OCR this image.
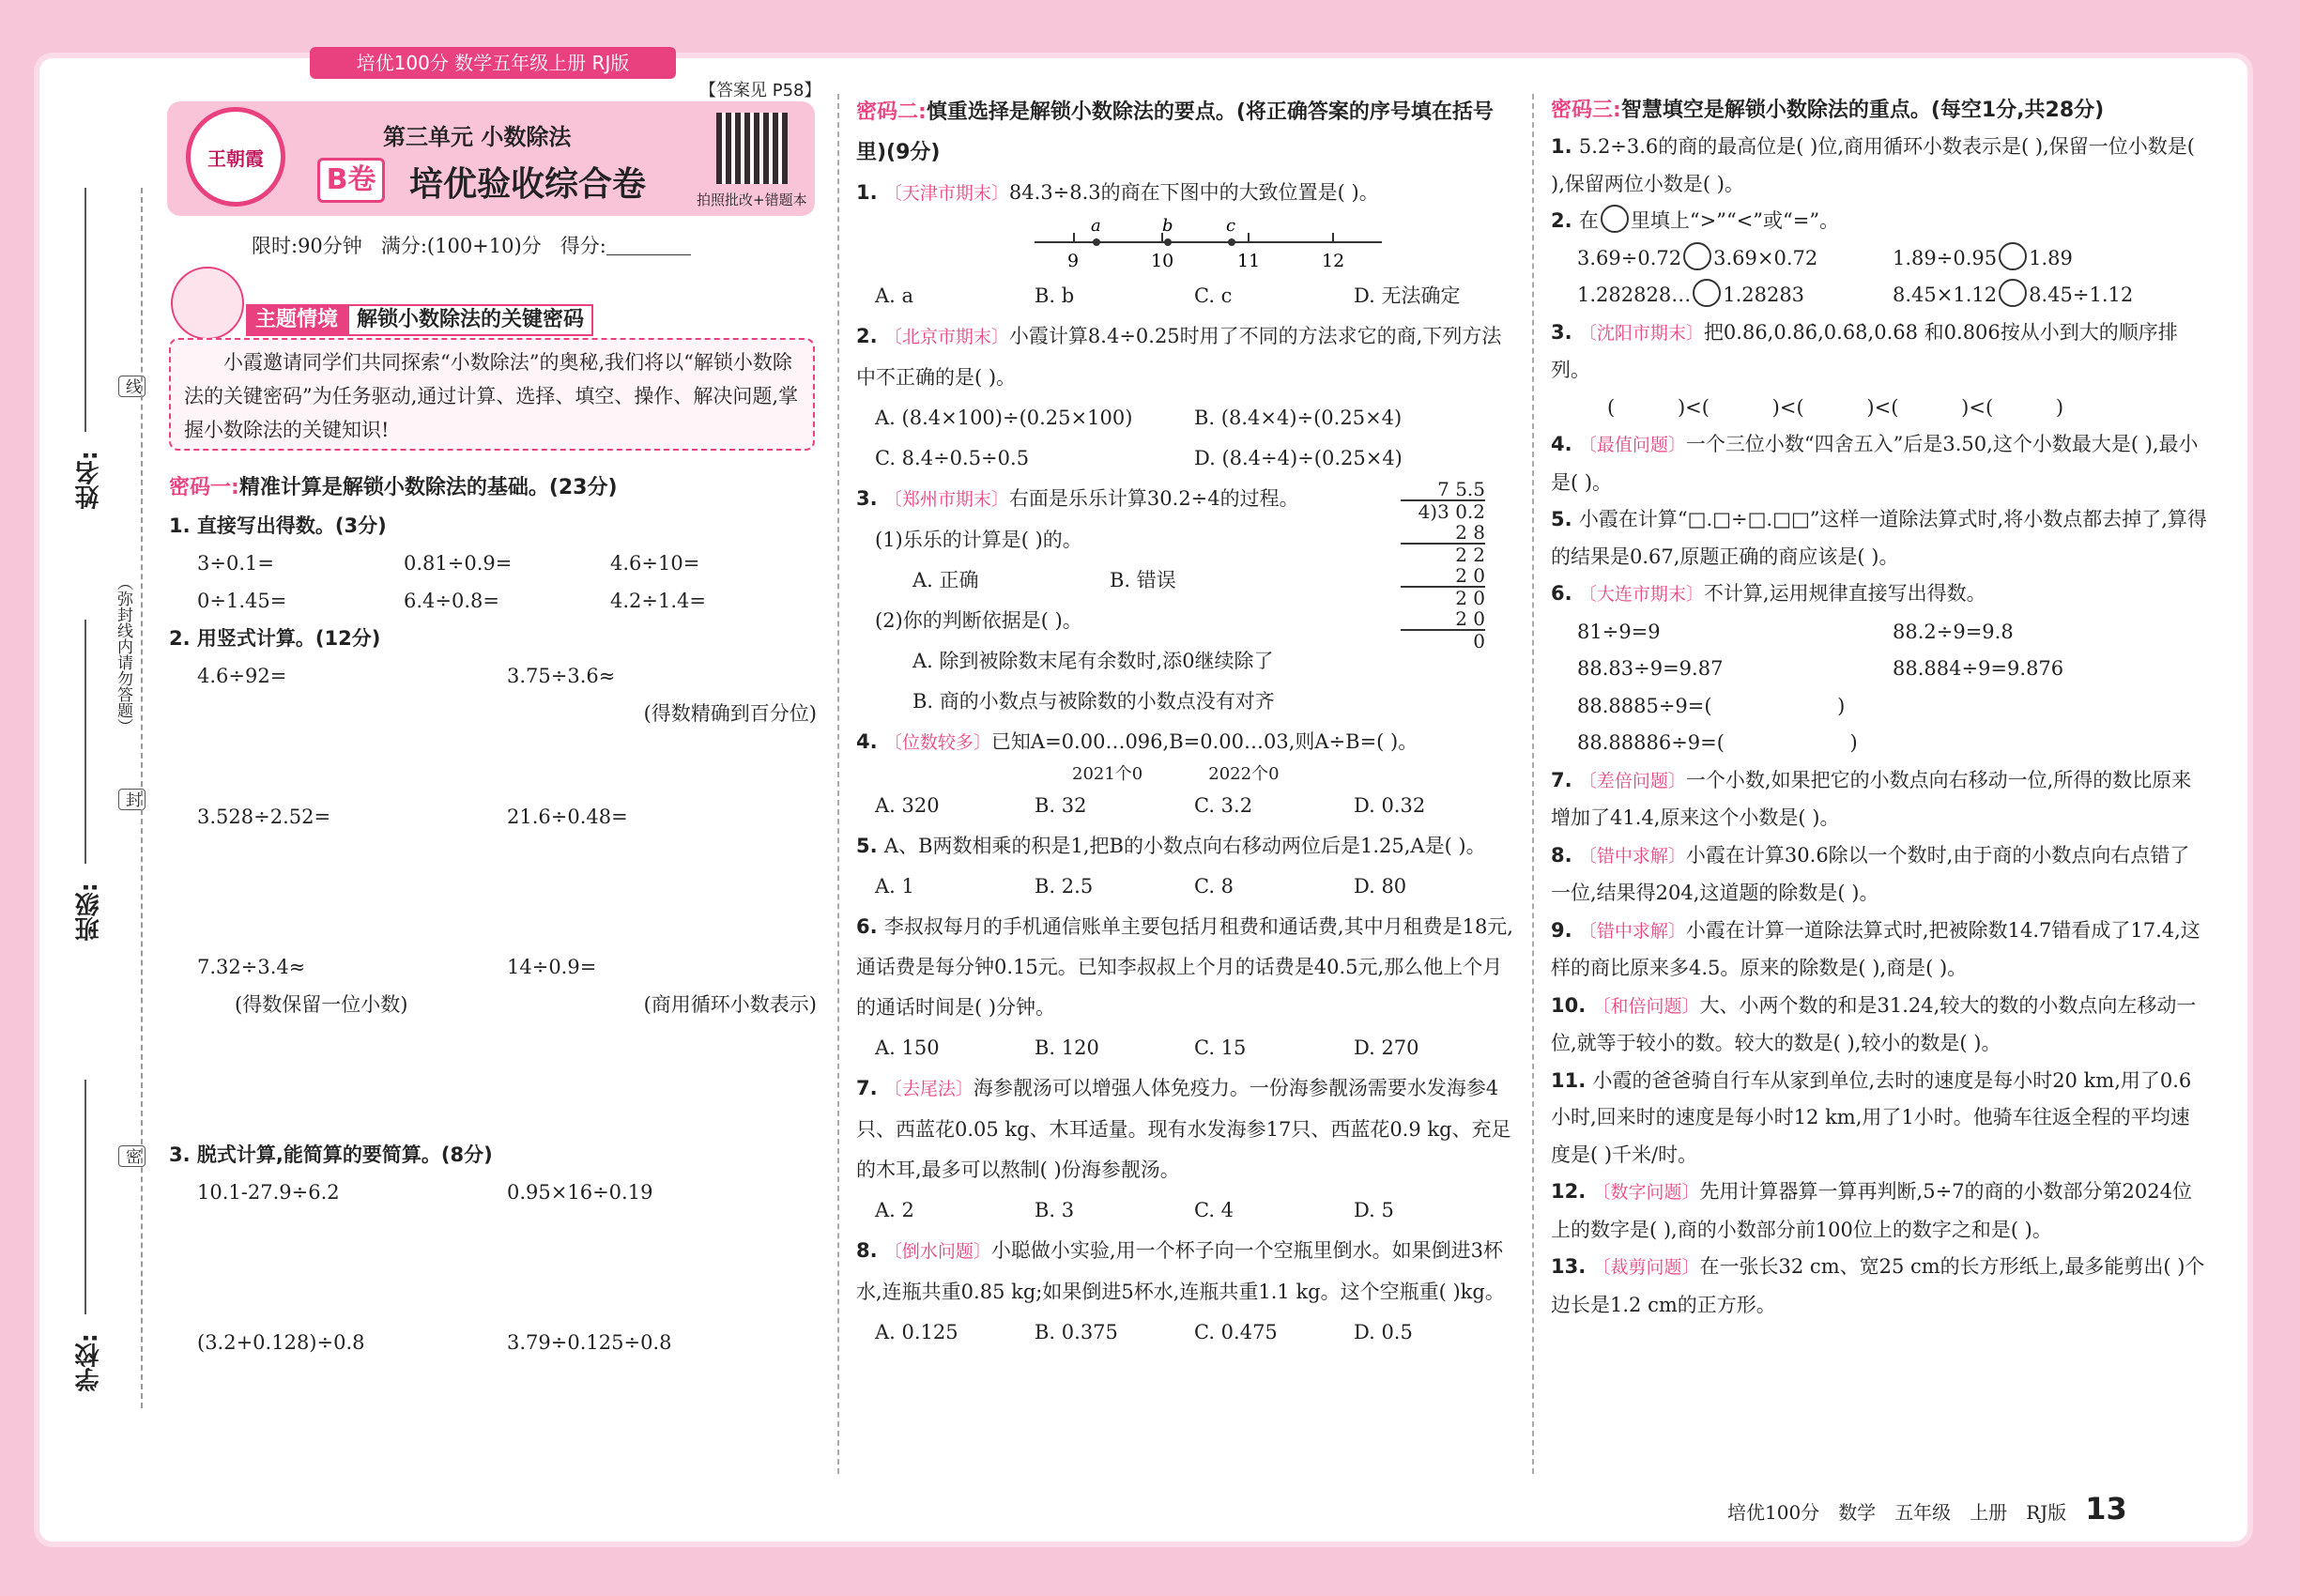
培优100分 数学五年级上册 RJ版
【答案见 P58】
王朝霞
第三单元 小数除法
B卷 培优验收综合卷	拍照批改+错题本
限时:90分钟 满分:(100+10)分 得分:
姓名:
线
（弥封线内请勿答题）
封
班级:
密
学校:
主题情境 解锁小数除法的关键密码
小霞邀请同学们共同探索“小数除法”的奥秘,我们将以“解锁小数除法的关键密码”为任务驱动,通过计算、选择、填空、操作、解决问题,掌握小数除法的关键知识!
密码一:精准计算是解锁小数除法的基础。(23分)
1. 直接写出得数。(3分)
3÷0.1=	0.81÷0.9=	4.6÷10=
0÷1.45=	6.4÷0.8=	4.2÷1.4=
2. 用竖式计算。(12分)
4.6÷92=	3.75÷3.6≈
(得数精确到百分位)
3.528÷2.52=	21.6÷0.48=
7.32÷3.4≈	14÷0.9=
(得数保留一位小数)	(商用循环小数表示)
3. 脱式计算,能简算的要简算。(8分)
10.1-27.9÷6.2	0.95×16÷0.19
(3.2+0.128)÷0.8	3.79÷0.125÷0.8
密码二:慎重选择是解锁小数除法的要点。(将正确答案的序号填在括号里)(9分)
1. 〔天津市期末〕84.3÷8.3的商在下图中的大致位置是( )。
a	b	c
9	10	11	12
A. a	B. b	C. c	D. 无法确定
2. 〔北京市期末〕小霞计算8.4÷0.25时用了不同的方法求它的商,下列方法中不正确的是( )。
A. (8.4×100)÷(0.25×100)	B. (8.4×4)÷(0.25×4)
C. 8.4÷0.5÷0.5	D. (8.4÷4)÷(0.25×4)
3. 〔郑州市期末〕右面是乐乐计算30.2÷4的过程。
(1)乐乐的计算是( )的。
A. 正确	B. 错误
(2)你的判断依据是( )。
A. 除到被除数末尾有余数时,添0继续除了
B. 商的小数点与被除数的小数点没有对齐
7 5.5
4)3 0.2
2 8
2 2
2 0
2 0
2 0
0
4. 〔位数较多〕已知A=0.00…096,B=0.00…03,则A÷B=( )。
2021个0	2022个0
A. 320	B. 32	C. 3.2	D. 0.32
5. A、B两数相乘的积是1,把B的小数点向右移动两位后是1.25,A是( )。
A. 1	B. 2.5	C. 8	D. 80
6. 李叔叔每月的手机通信账单主要包括月租费和通话费,其中月租费是18元,通话费是每分钟0.15元。已知李叔叔上个月的话费是40.5元,那么他上个月的通话时间是( )分钟。
A. 150	B. 120	C. 15	D. 270
7. 〔去尾法〕海参靓汤可以增强人体免疫力。一份海参靓汤需要水发海参4只、西蓝花0.05 kg、木耳适量。现有水发海参17只、西蓝花0.9 kg、充足的木耳,最多可以熬制( )份海参靓汤。
A. 2	B. 3	C. 4	D. 5
8. 〔倒水问题〕小聪做小实验,用一个杯子向一个空瓶里倒水。如果倒进3杯水,连瓶共重0.85 kg;如果倒进5杯水,连瓶共重1.1 kg。这个空瓶重( )kg。
A. 0.125	B. 0.375	C. 0.475	D. 0.5
密码三:智慧填空是解锁小数除法的重点。(每空1分,共28分)
1. 5.2÷3.6的商的最高位是( )位,商用循环小数表示是( ),保留一位小数是( ),保留两位小数是( )。
2. 在 里填上“>”“<”或“=”。
3.69÷0.72 3.69×0.72	1.89÷0.95 1.89
1.282828… 1.28283	8.45×1.12 8.45÷1.12
3. 〔沈阳市期末〕把0.86,0.8̇6̇,0.6̇8̇,0.6̇8 和0.806按从小到大的顺序排列。
(          )<(          )<(          )<(          )<(          )
4. 〔最值问题〕一个三位小数“四舍五入”后是3.50,这个小数最大是( ),最小是( )。
5. 小霞在计算“□.□÷□.□□”这样一道除法算式时,将小数点都去掉了,算得的结果是0.67,原题正确的商应该是( )。
6. 〔大连市期末〕不计算,运用规律直接写出得数。
81÷9=9	88.2÷9=9.8
88.83÷9=9.87	88.884÷9=9.876
88.8885÷9=(                    )
88.88886÷9=(                    )
7. 〔差倍问题〕一个小数,如果把它的小数点向右移动一位,所得的数比原来增加了41.4,原来这个小数是( )。
8. 〔错中求解〕小霞在计算30.6除以一个数时,由于商的小数点向右点错了一位,结果得204,这道题的除数是( )。
9. 〔错中求解〕小霞在计算一道除法算式时,把被除数14.7错看成了17.4,这样的商比原来多4.5。原来的除数是( ),商是( )。
10. 〔和倍问题〕大、小两个数的和是31.24,较大的数的小数点向左移动一位,就等于较小的数。较大的数是( ),较小的数是( )。
11. 小霞的爸爸骑自行车从家到单位,去时的速度是每小时20 km,用了0.6小时,回来时的速度是每小时12 km,用了1小时。他骑车往返全程的平均速度是( )千米/时。
12. 〔数字问题〕先用计算器算一算再判断,5÷7的商的小数部分第2024位上的数字是( ),商的小数部分前100位上的数字之和是( )。
13. 〔裁剪问题〕在一张长32 cm、宽25 cm的长方形纸上,最多能剪出( )个边长是1.2 cm的正方形。
培优100分 数学 五年级 上册 RJ版 13
